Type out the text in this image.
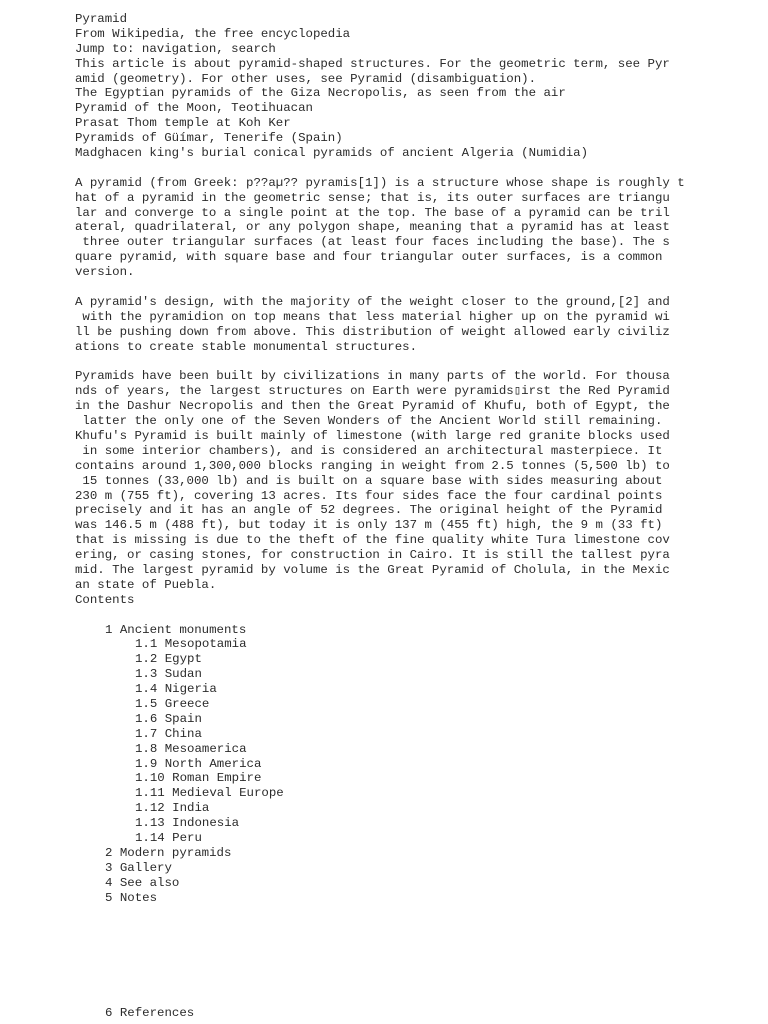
Pyramid
From Wikipedia, the free encyclopedia
Jump to: navigation, search
This article is about pyramid-shaped structures. For the geometric term, see Pyr
amid (geometry). For other uses, see Pyramid (disambiguation).
The Egyptian pyramids of the Giza Necropolis, as seen from the air
Pyramid of the Moon, Teotihuacan
Prasat Thom temple at Koh Ker
Pyramids of Güímar, Tenerife (Spain)
Madghacen king's burial conical pyramids of ancient Algeria (Numidia)
A pyramid (from Greek: p??aµ?? pyramis[1]) is a structure whose shape is roughly t
hat of a pyramid in the geometric sense; that is, its outer surfaces are triangu
lar and converge to a single point at the top. The base of a pyramid can be tril
ateral, quadrilateral, or any polygon shape, meaning that a pyramid has at least
three outer triangular surfaces (at least four faces including the base). The s
quare pyramid, with square base and four triangular outer surfaces, is a common
version.
A pyramid's design, with the majority of the weight closer to the ground,[2] and
with the pyramidion on top means that less material higher up on the pyramid wi
ll be pushing down from above. This distribution of weight allowed early civiliz
ations to create stable monumental structures.
Pyramids have been built by civilizations in many parts of the world. For thousa
nds of years, the largest structures on Earth were pyramids▯irst the Red Pyramid
in the Dashur Necropolis and then the Great Pyramid of Khufu, both of Egypt, the
latter the only one of the Seven Wonders of the Ancient World still remaining.
Khufu's Pyramid is built mainly of limestone (with large red granite blocks used
in some interior chambers), and is considered an architectural masterpiece. It
contains around 1,300,000 blocks ranging in weight from 2.5 tonnes (5,500 lb) to
15 tonnes (33,000 lb) and is built on a square base with sides measuring about
230 m (755 ft), covering 13 acres. Its four sides face the four cardinal points
precisely and it has an angle of 52 degrees. The original height of the Pyramid
was 146.5 m (488 ft), but today it is only 137 m (455 ft) high, the 9 m (33 ft)
that is missing is due to the theft of the fine quality white Tura limestone cov
ering, or casing stones, for construction in Cairo. It is still the tallest pyra
mid. The largest pyramid by volume is the Great Pyramid of Cholula, in the Mexic
an state of Puebla.
Contents
1 Ancient monuments
1.1 Mesopotamia
1.2 Egypt
1.3 Sudan
1.4 Nigeria
1.5 Greece
1.6 Spain
1.7 China
1.8 Mesoamerica
1.9 North America
1.10 Roman Empire
1.11 Medieval Europe
1.12 India
1.13 Indonesia
1.14 Peru
2 Modern pyramids
3 Gallery
4 See also
5 Notes
6 References
